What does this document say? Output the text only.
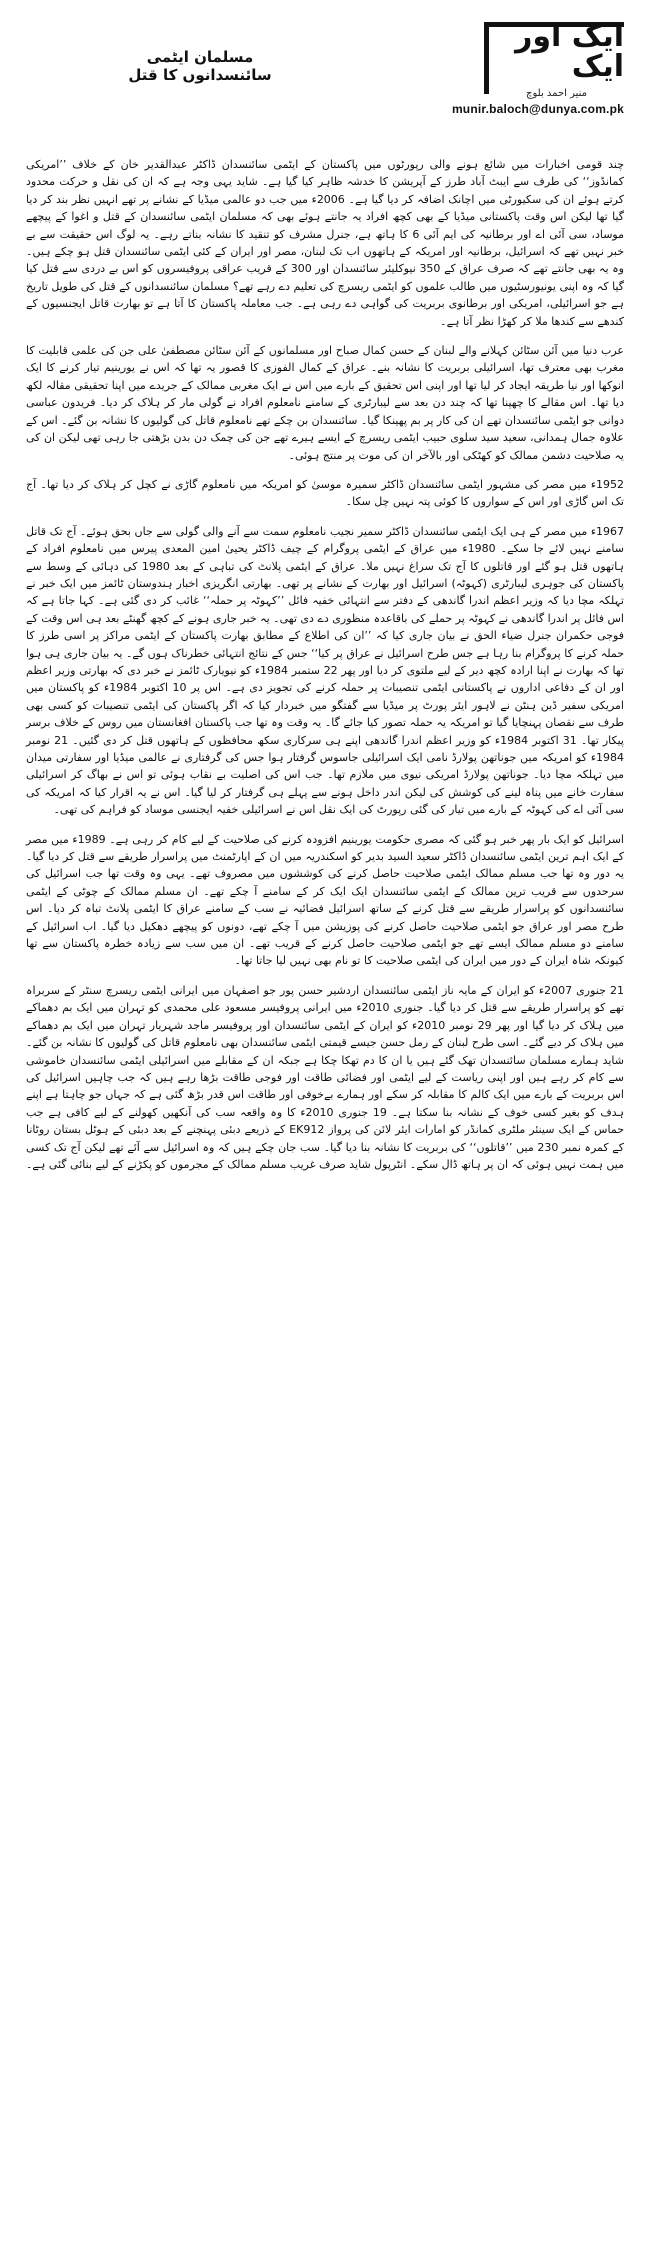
مسلمان ایٹمی سائنسدانوں کا قتل
ایک اور ایک
منیر احمد بلوچ
munir.baloch@dunya.com.pk

چند قومی اخبارات میں شائع ہونے والی رپورٹوں میں پاکستان کے ایٹمی سائنسدان ڈاکٹر عبدالقدیر خان کے خلاف ’’امریکی کمانڈوز‘‘ کی طرف سے ایبٹ آباد طرز کے آپریشن کا خدشہ ظاہر کیا گیا ہے۔ شاید یہی وجہ ہے کہ ان کی نقل و حرکت محدود کرتے ہوئے ان کی سکیورٹی میں اچانک اضافہ کر دیا گیا ہے۔ 2006ء میں جب دو عالمی میڈیا کے نشانے پر تھے انہیں نظر بند کر دیا گیا تھا لیکن اس وقت پاکستانی میڈیا کے بھی کچھ افراد یہ جانتے ہوئے بھی کہ مسلمان ایٹمی سائنسدان کے قتل و اغوا کے پیچھے موساد، سی آئی اے اور برطانیہ کی ایم آئی 6 کا ہاتھ ہے، جنرل مشرف کو تنقید کا نشانہ بناتے رہے۔ یہ لوگ اس حقیقت سے بے خبر نہیں تھے کہ اسرائیل، برطانیہ اور امریکہ کے ہاتھوں اب تک لبنان، مصر اور ایران کے کئی ایٹمی سائنسدان قتل ہو چکے ہیں۔ وہ یہ بھی جانتے تھے کہ صرف عراق کے 350 نیوکلیئر سائنسدان اور 300 کے قریب عراقی پروفیسروں کو اس بے دردی سے قتل کیا گیا کہ وہ اپنی یونیورسٹیوں میں طالب علموں کو ایٹمی ریسرچ کی تعلیم دے رہے تھے؟ مسلمان سائنسدانوں کے قتل کی طویل تاریخ ہے جو اسرائیلی، امریکی اور برطانوی بربریت کی گواہی دے رہی ہے۔ جب معاملہ پاکستان کا آتا ہے تو بھارت قاتل ایجنسیوں کے کندھے سے کندھا ملا کر کھڑا نظر آتا ہے۔

عرب دنیا میں آئن سٹائن کہلانے والے لبنان کے حسن کمال صباح اور مسلمانوں کے آئن سٹائن مصطفیٰ علی جن کی علمی قابلیت کا مغرب بھی معترف تھا، اسرائیلی بربریت کا نشانہ بنے۔ عراق کے کمال الفوزی کا قصور یہ تھا کہ اس نے یورینیم تیار کرنے کا ایک انوکھا اور نیا طریقہ ایجاد کر لیا تھا اور اپنی اس تحقیق کے بارے میں اس نے ایک مغربی ممالک کے جریدے میں اپنا تحقیقی مقالہ لکھ دیا تھا۔ اس مقالے کا چھپنا تھا کہ چند دن بعد سے لیبارٹری کے سامنے نامعلوم افراد نے گولی مار کر ہلاک کر دیا۔ فریدون عباسی دوانی جو ایٹمی سائنسدان تھے ان کی کار پر بم پھینکا گیا۔ سائنسدان بن چکے تھے نامعلوم قاتل کی گولیوں کا نشانہ بن گئے۔ اس کے علاوہ جمال ہمدانی، سعید سید سلوی حبیب ایٹمی ریسرچ کے ایسے ہیرے تھے جن کی چمک دن بدن بڑھتی جا رہی تھی لیکن ان کی یہ صلاحیت دشمن ممالک کو کھٹکی اور بالآخر ان کی موت پر منتج ہوئی۔

1952ء میں مصر کی مشہور ایٹمی سائنسدان ڈاکٹر سمیرہ موسیٰ کو امریکہ میں نامعلوم گاڑی نے کچل کر ہلاک کر دیا تھا۔ آج تک اس گاڑی اور اس کے سواروں کا کوئی پتہ نہیں چل سکا۔

1967ء میں مصر کے ہی ایک ایٹمی سائنسدان ڈاکٹر سمیر نجیب نامعلوم سمت سے آنے والی گولی سے جاں بحق ہوئے۔ آج تک قاتل سامنے نہیں لائے جا سکے۔ 1980ء میں عراق کے ایٹمی پروگرام کے چیف ڈاکٹر یحییٰ امین المعدی پیرس میں نامعلوم افراد کے ہاتھوں قتل ہو گئے اور قاتلوں کا آج تک سراغ نہیں ملا۔ عراق کے ایٹمی پلانٹ کی تباہی کے بعد 1980 کی دہائی کے وسط سے پاکستان کی جوہری لیبارٹری (کہوٹہ) اسرائیل اور بھارت کے نشانے پر تھی۔ بھارتی انگریزی اخبار ہندوستان ٹائمز میں ایک خبر نے تہلکہ مچا دیا کہ وزیر اعظم اندرا گاندھی کے دفتر سے انتہائی خفیہ فائل ’’کہوٹہ پر حملہ‘‘ غائب کر دی گئی ہے۔ کہا جاتا ہے کہ اس فائل پر اندرا گاندھی نے کہوٹہ پر حملے کی باقاعدہ منظوری دے دی تھی۔ یہ خبر جاری ہونے کے کچھ گھنٹے بعد ہی اس وقت کے فوجی حکمران جنرل ضیاء الحق نے بیان جاری کیا کہ ’’ان کی اطلاع کے مطابق بھارت پاکستان کے ایٹمی مراکز پر اسی طرز کا حملہ کرنے کا پروگرام بنا رہا ہے جس طرح اسرائیل نے عراق پر کیا‘‘ جس کے نتائج انتہائی خطرناک ہوں گے۔ یہ بیان جاری ہی ہوا تھا کہ بھارت نے اپنا ارادہ کچھ دیر کے لیے ملتوی کر دیا اور پھر 22 ستمبر 1984ء کو نیویارک ٹائمز نے خبر دی کہ بھارتی وزیر اعظم اور ان کے دفاعی اداروں نے پاکستانی ایٹمی تنصیبات پر حملہ کرنے کی تجویز دی ہے۔ اس پر 10 اکتوبر 1984ء کو پاکستان میں امریکی سفیر ڈین ہنٹن نے لاہور ایئر پورٹ پر میڈیا سے گفتگو میں خبردار کیا کہ اگر پاکستان کی ایٹمی تنصیبات کو کسی بھی طرف سے نقصان پہنچایا گیا تو امریکہ یہ حملہ تصور کیا جائے گا۔ یہ وقت وہ تھا جب پاکستان افغانستان میں روس کے خلاف برسر پیکار تھا۔ 31 اکتوبر 1984ء کو وزیر اعظم اندرا گاندھی اپنے ہی سرکاری سکھ محافظوں کے ہاتھوں قتل کر دی گئیں۔ 21 نومبر 1984ء کو امریکہ میں جوناتھن پولارڈ نامی ایک اسرائیلی جاسوس گرفتار ہوا جس کی گرفتاری نے عالمی میڈیا اور سفارتی میدان میں تہلکہ مچا دیا۔ جوناتھن پولارڈ امریکی نیوی میں ملازم تھا۔ جب اس کی اصلیت بے نقاب ہوئی تو اس نے بھاگ کر اسرائیلی سفارت خانے میں پناہ لینے کی کوشش کی لیکن اندر داخل ہونے سے پہلے ہی گرفتار کر لیا گیا۔ اس نے یہ اقرار کیا کہ امریکہ کی سی آئی اے کی کہوٹہ کے بارے میں تیار کی گئی رپورٹ کی ایک نقل اس نے اسرائیلی خفیہ ایجنسی موساد کو فراہم کی تھی۔

اسرائیل کو ایک بار پھر خبر ہو گئی کہ مصری حکومت یورینیم افزودہ کرنے کی صلاحیت کے لیے کام کر رہی ہے۔ 1989ء میں مصر کے ایک اہم ترین ایٹمی سائنسدان ڈاکٹر سعید السید بدیر کو اسکندریہ میں ان کے اپارٹمنٹ میں پراسرار طریقے سے قتل کر دیا گیا۔ یہ دور وہ تھا جب مسلم ممالک ایٹمی صلاحیت حاصل کرنے کی کوششوں میں مصروف تھے۔ یہی وہ وقت تھا جب اسرائیل کی سرحدوں سے قریب ترین ممالک کے ایٹمی سائنسدان ایک ایک کر کے سامنے آ چکے تھے۔ ان مسلم ممالک کے چوٹی کے ایٹمی سائنسدانوں کو پراسرار طریقے سے قتل کرنے کے ساتھ اسرائیل فضائیہ نے سب کے سامنے عراق کا ایٹمی پلانٹ تباہ کر دیا۔ اس طرح مصر اور عراق جو ایٹمی صلاحیت حاصل کرنے کی پوزیشن میں آ چکے تھے، دونوں کو پیچھے دھکیل دیا گیا۔ اب اسرائیل کے سامنے دو مسلم ممالک ایسے تھے جو ایٹمی صلاحیت حاصل کرنے کے قریب تھے۔ ان میں سب سے زیادہ خطرہ پاکستان سے تھا کیونکہ شاہ ایران کے دور میں ایران کی ایٹمی صلاحیت کا تو نام بھی نہیں لیا جاتا تھا۔

21 جنوری 2007ء کو ایران کے مایہ ناز ایٹمی سائنسدان اردشیر حسن پور جو اصفہان میں ایرانی ایٹمی ریسرچ سنٹر کے سربراہ تھے کو پراسرار طریقے سے قتل کر دیا گیا۔ جنوری 2010ء میں ایرانی پروفیسر مسعود علی محمدی کو تہران میں ایک بم دھماکے میں ہلاک کر دیا گیا اور پھر 29 نومبر 2010ء کو ایران کے ایٹمی سائنسدان اور پروفیسر ماجد شہریار تہران میں ایک بم دھماکے میں ہلاک کر دیے گئے۔ اسی طرح لبنان کے رمل حسن جیسے قیمتی ایٹمی سائنسدان بھی نامعلوم قاتل کی گولیوں کا نشانہ بن گئے۔ شاید ہمارے مسلمان سائنسدان تھک گئے ہیں یا ان کا دم تھکا چکا ہے جبکہ ان کے مقابلے میں اسرائیلی ایٹمی سائنسدان خاموشی سے کام کر رہے ہیں اور اپنی ریاست کے لیے ایٹمی اور فضائی طاقت اور فوجی طاقت بڑھا رہے ہیں کہ جب چاہیں اسرائیل کی اس بربریت کے بارے میں ایک کالم کا مقابلہ کر سکے اور ہمارے بےخوفی اور طاقت اس قدر بڑھ گئی ہے کہ جہاں جو چاہتا ہے اپنے ہدف کو بغیر کسی خوف کے نشانہ بنا سکتا ہے۔ 19 جنوری 2010ء کا وہ واقعہ سب کی آنکھیں کھولنے کے لیے کافی ہے جب حماس کے ایک سینئر ملٹری کمانڈر کو امارات ایئر لائن کی پرواز EK912 کے ذریعے دبئی پہنچنے کے بعد دبئی کے ہوٹل بستان روٹانا کے کمرہ نمبر 230 میں ’’قاتلوں‘‘ کی بربریت کا نشانہ بنا دیا گیا۔ سب جان چکے ہیں کہ وہ اسرائیل سے آئے تھے لیکن آج تک کسی میں ہمت نہیں ہوئی کہ ان پر ہاتھ ڈال سکے۔ انٹرپول شاید صرف غریب مسلم ممالک کے مجرموں کو پکڑنے کے لیے بنائی گئی ہے۔
